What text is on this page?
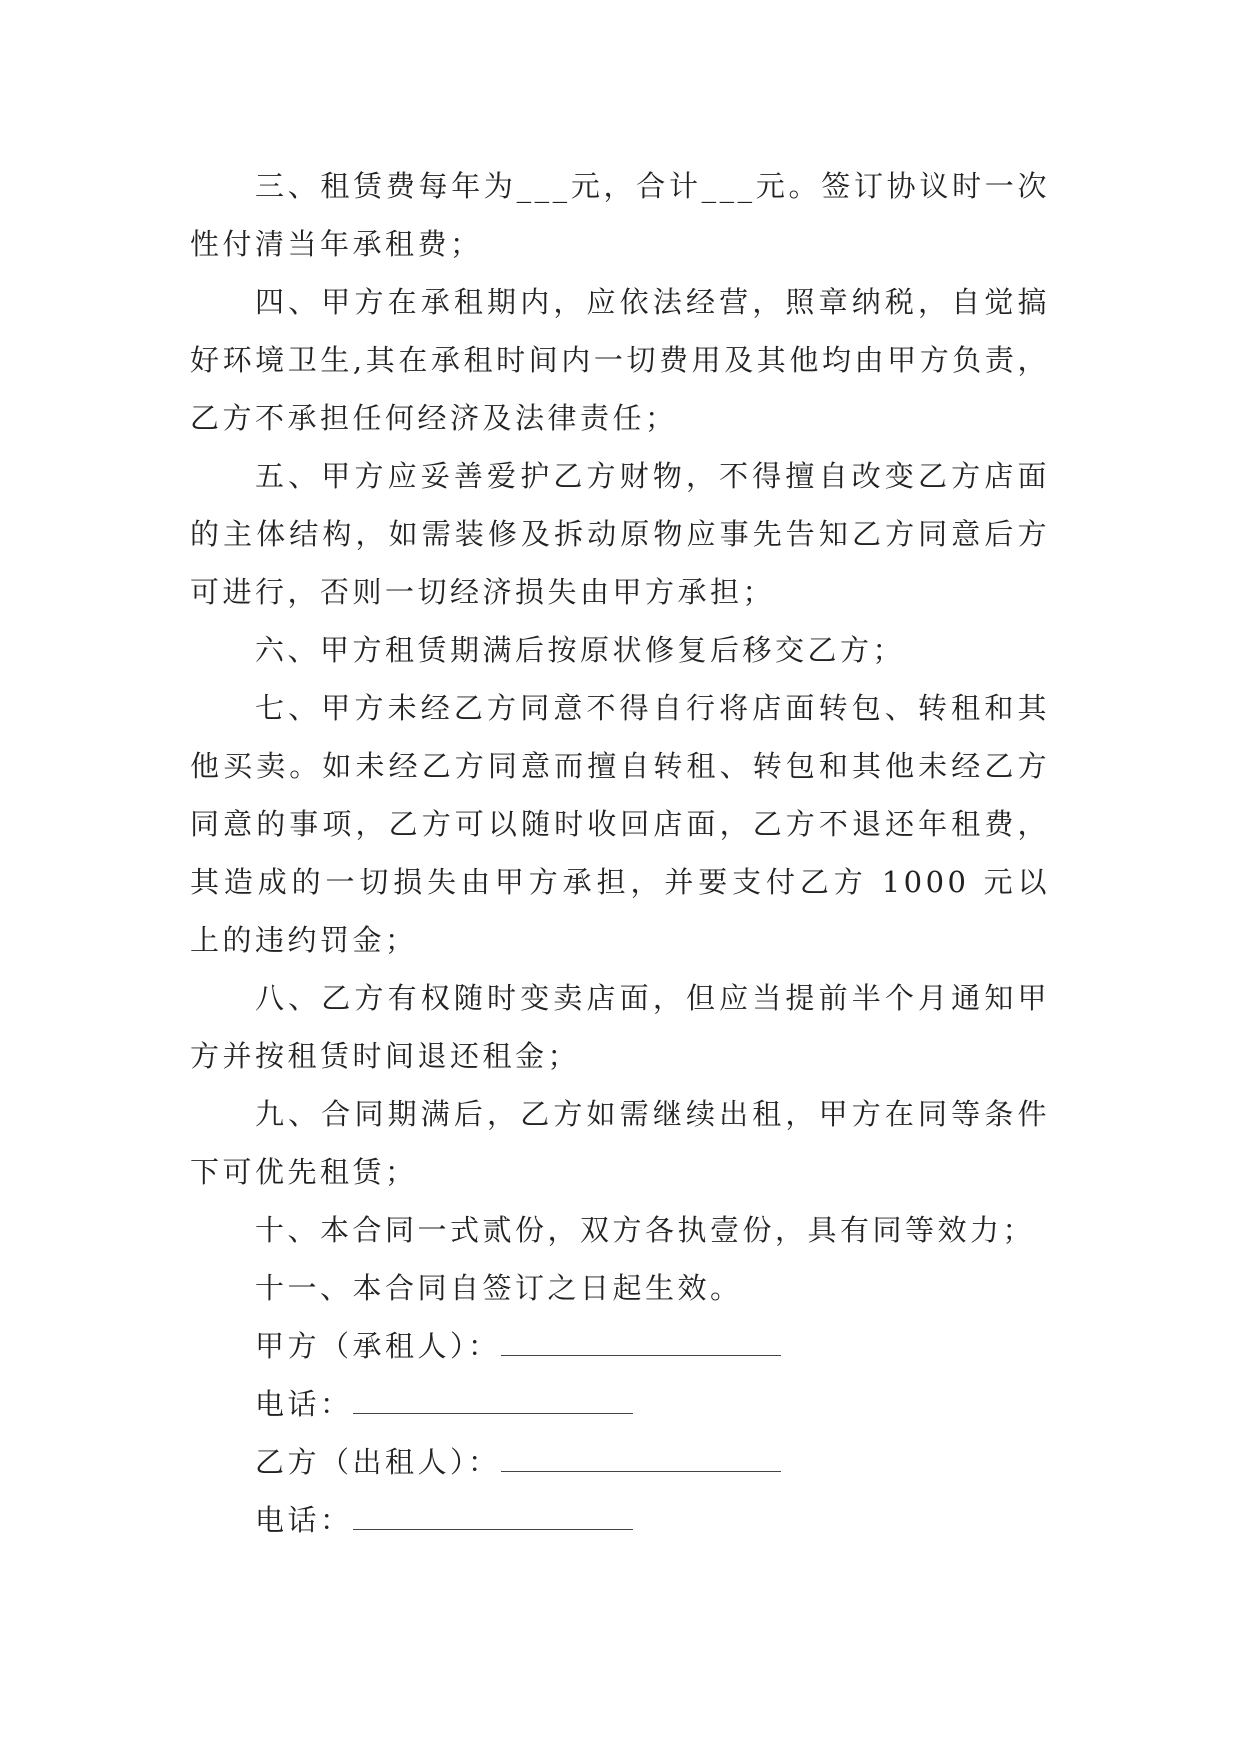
三、租赁费每年为___元，合计___元。签订协议时一次性付清当年承租费；

四、甲方在承租期内，应依法经营，照章纳税，自觉搞好环境卫生,其在承租时间内一切费用及其他均由甲方负责，乙方不承担任何经济及法律责任；

五、甲方应妥善爱护乙方财物，不得擅自改变乙方店面的主体结构，如需装修及拆动原物应事先告知乙方同意后方可进行，否则一切经济损失由甲方承担；

六、甲方租赁期满后按原状修复后移交乙方；

七、甲方未经乙方同意不得自行将店面转包、转租和其他买卖。如未经乙方同意而擅自转租、转包和其他未经乙方同意的事项，乙方可以随时收回店面，乙方不退还年租费，其造成的一切损失由甲方承担，并要支付乙方 1000 元以上的违约罚金；

八、乙方有权随时变卖店面，但应当提前半个月通知甲方并按租赁时间退还租金；

九、合同期满后，乙方如需继续出租，甲方在同等条件下可优先租赁；

十、本合同一式贰份，双方各执壹份，具有同等效力；

十一、本合同自签订之日起生效。

甲方（承租人）：

电话：

乙方（出租人）：

电话：
